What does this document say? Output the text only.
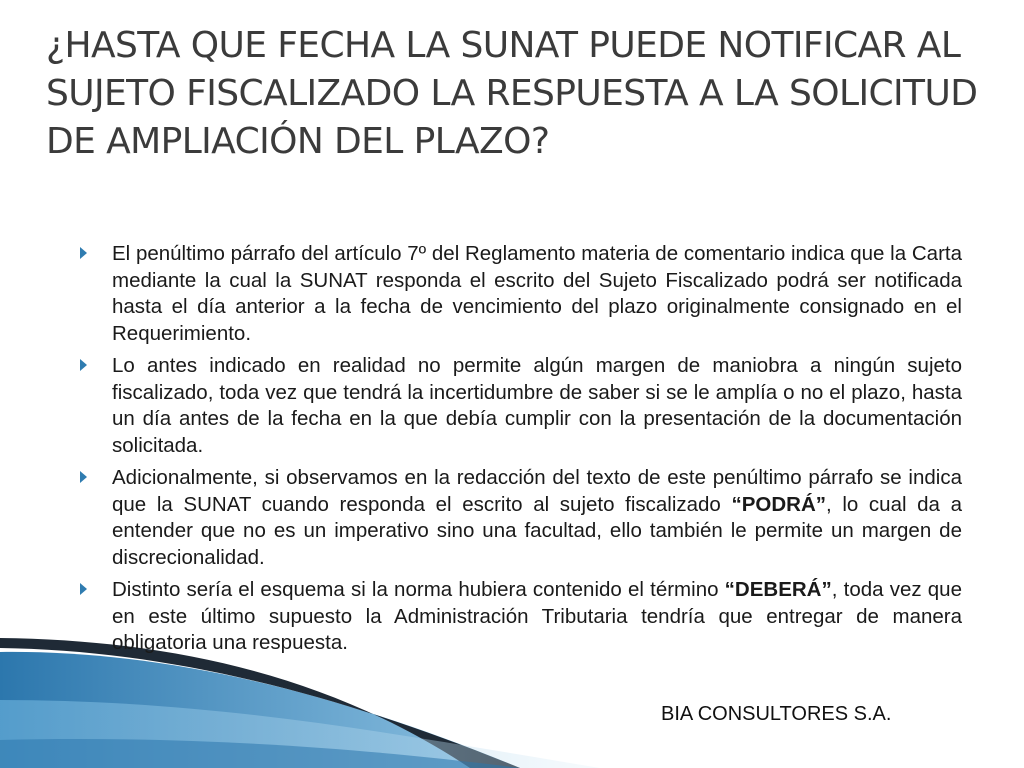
¿HASTA QUE FECHA LA SUNAT PUEDE NOTIFICAR AL SUJETO FISCALIZADO LA RESPUESTA A LA SOLICITUD DE AMPLIACIÓN DEL PLAZO?
El penúltimo párrafo del artículo 7º del Reglamento materia de comentario indica que la Carta mediante la cual la SUNAT responda el escrito del Sujeto Fiscalizado podrá ser notificada hasta el día anterior a la fecha de vencimiento del plazo originalmente consignado en el Requerimiento.
Lo antes indicado en realidad no permite algún margen de maniobra a ningún sujeto fiscalizado, toda vez que tendrá la incertidumbre de saber si se le amplía o no el plazo, hasta un día antes de la fecha en la que debía cumplir con la presentación de la documentación solicitada.
Adicionalmente, si observamos en la redacción del texto de este penúltimo párrafo se indica que la SUNAT cuando responda el escrito al sujeto fiscalizado “PODRÁ”, lo cual da a entender que no es un imperativo sino una facultad, ello también le permite un margen de discrecionalidad.
Distinto sería el esquema si la norma hubiera contenido el término “DEBERÁ”, toda vez que en este último supuesto la Administración Tributaria tendría que entregar de manera obligatoria una respuesta.
BIA CONSULTORES S.A.
